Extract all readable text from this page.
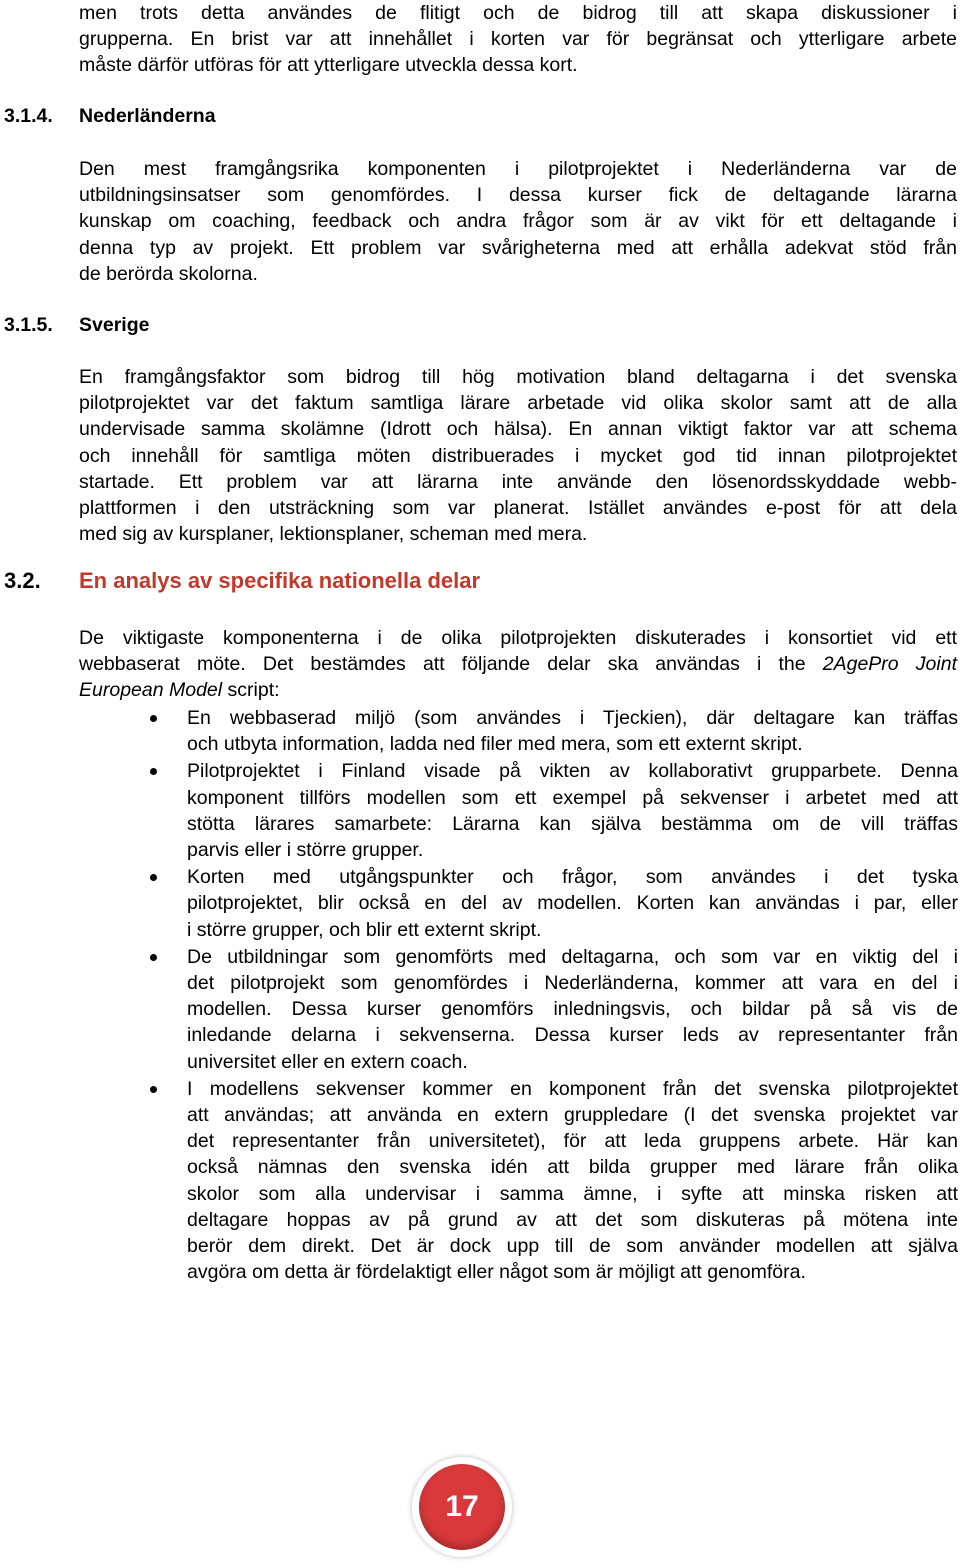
men trots detta användes de flitigt och de bidrog till att skapa diskussioner i
grupperna. En brist var att innehållet i korten var för begränsat och ytterligare arbete
måste därför utföras för att ytterligare utveckla dessa kort.
3.1.4. Nederländerna
Den mest framgångsrika komponenten i pilotprojektet i Nederländerna var de
utbildningsinsatser som genomfördes. I dessa kurser fick de deltagande lärarna
kunskap om coaching, feedback och andra frågor som är av vikt för ett deltagande i
denna typ av projekt. Ett problem var svårigheterna med att erhålla adekvat stöd från
de berörda skolorna.
3.1.5. Sverige
En framgångsfaktor som bidrog till hög motivation bland deltagarna i det svenska
pilotprojektet var det faktum samtliga lärare arbetade vid olika skolor samt att de alla
undervisade samma skolämne (Idrott och hälsa). En annan viktigt faktor var att schema
och innehåll för samtliga möten distribuerades i mycket god tid innan pilotprojektet
startade. Ett problem var att lärarna inte använde den lösenordsskyddade webb-
plattformen i den utsträckning som var planerat. Istället användes e-post för att dela
med sig av kursplaner, lektionsplaner, scheman med mera.
3.2. En analys av specifika nationella delar
De viktigaste komponenterna i de olika pilotprojekten diskuterades i konsortiet vid ett
webbaserat möte. Det bestämdes att följande delar ska användas i the 2AgePro Joint
European Model script:
En webbaserad miljö (som användes i Tjeckien), där deltagare kan träffas
och utbyta information, ladda ned filer med mera, som ett externt skript.
Pilotprojektet i Finland visade på vikten av kollaborativt grupparbete. Denna
komponent tillförs modellen som ett exempel på sekvenser i arbetet med att
stötta lärares samarbete: Lärarna kan själva bestämma om de vill träffas
parvis eller i större grupper.
Korten med utgångspunkter och frågor, som användes i det tyska
pilotprojektet, blir också en del av modellen. Korten kan användas i par, eller
i större grupper, och blir ett externt skript.
De utbildningar som genomförts med deltagarna, och som var en viktig del i
det pilotprojekt som genomfördes i Nederländerna, kommer att vara en del i
modellen. Dessa kurser genomförs inledningsvis, och bildar på så vis de
inledande delarna i sekvenserna. Dessa kurser leds av representanter från
universitet eller en extern coach.
I modellens sekvenser kommer en komponent från det svenska pilotprojektet
att användas; att använda en extern gruppledare (I det svenska projektet var
det representanter från universitetet), för att leda gruppens arbete. Här kan
också nämnas den svenska idén att bilda grupper med lärare från olika
skolor som alla undervisar i samma ämne, i syfte att minska risken att
deltagare hoppas av på grund av att det som diskuteras på mötena inte
berör dem direkt. Det är dock upp till de som använder modellen att själva
avgöra om detta är fördelaktigt eller något som är möjligt att genomföra.
17
